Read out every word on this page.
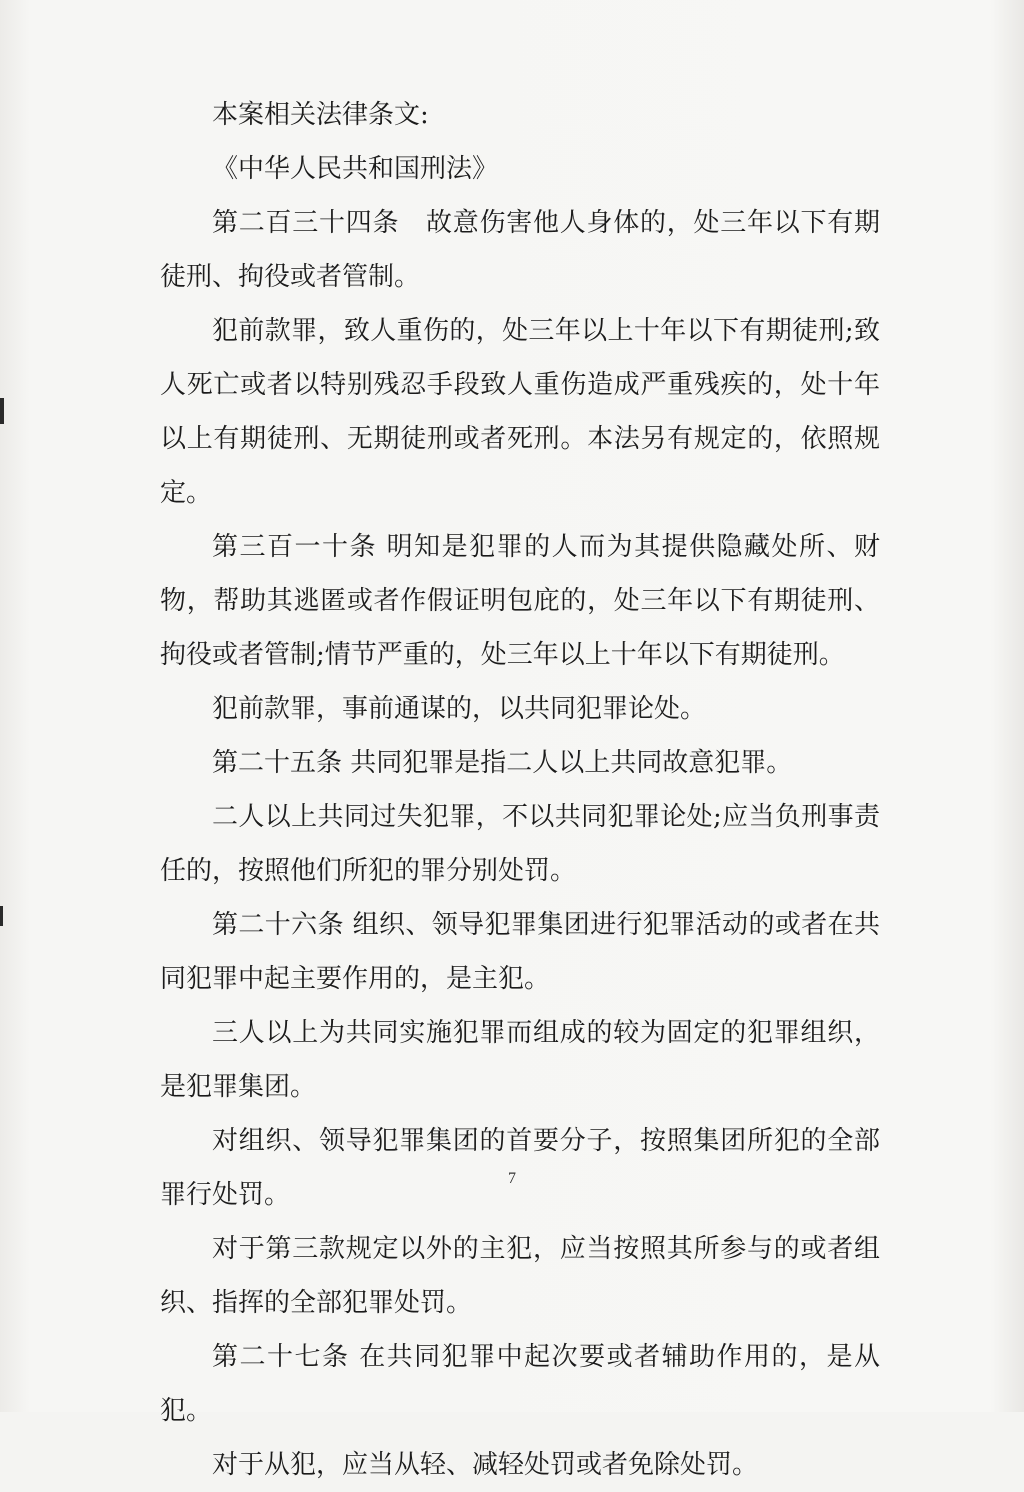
本案相关法律条文:

《中华人民共和国刑法》

第二百三十四条　故意伤害他人身体的，处三年以下有期徒刑、拘役或者管制。

犯前款罪，致人重伤的，处三年以上十年以下有期徒刑;致人死亡或者以特别残忍手段致人重伤造成严重残疾的，处十年以上有期徒刑、无期徒刑或者死刑。本法另有规定的，依照规定。

第三百一十条 明知是犯罪的人而为其提供隐藏处所、财物，帮助其逃匿或者作假证明包庇的，处三年以下有期徒刑、拘役或者管制;情节严重的，处三年以上十年以下有期徒刑。

犯前款罪，事前通谋的，以共同犯罪论处。

第二十五条 共同犯罪是指二人以上共同故意犯罪。

二人以上共同过失犯罪，不以共同犯罪论处;应当负刑事责任的，按照他们所犯的罪分别处罚。

第二十六条 组织、领导犯罪集团进行犯罪活动的或者在共同犯罪中起主要作用的，是主犯。

三人以上为共同实施犯罪而组成的较为固定的犯罪组织，是犯罪集团。

对组织、领导犯罪集团的首要分子，按照集团所犯的全部罪行处罚。

对于第三款规定以外的主犯，应当按照其所参与的或者组织、指挥的全部犯罪处罚。

第二十七条 在共同犯罪中起次要或者辅助作用的，是从犯。

对于从犯，应当从轻、减轻处罚或者免除处罚。

7
